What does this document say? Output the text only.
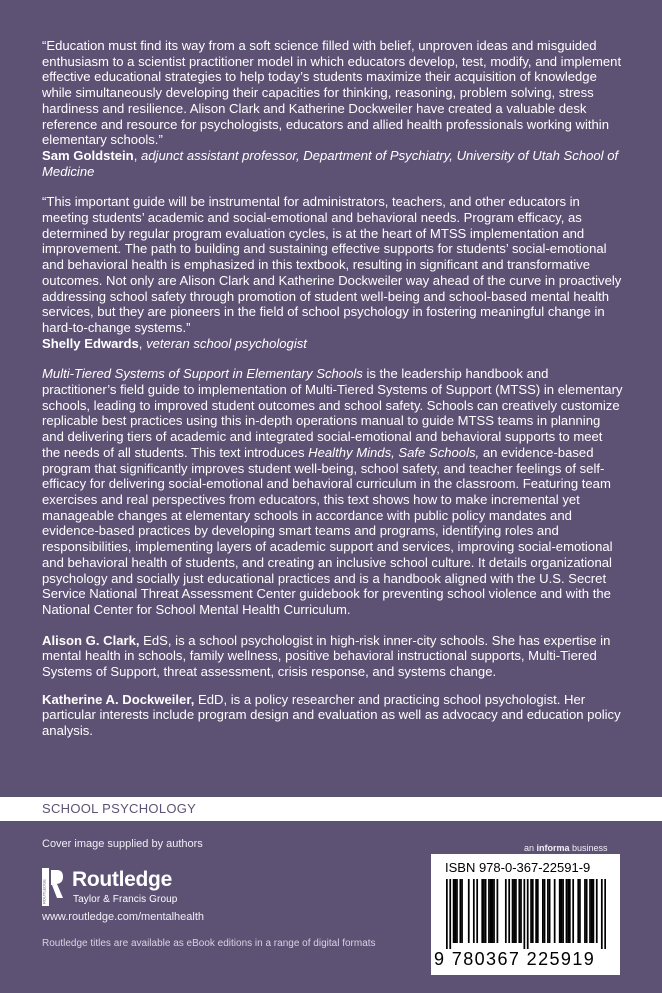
“Education must find its way from a soft science filled with belief, unproven ideas and misguided enthusiasm to a scientist practitioner model in which educators develop, test, modify, and implement effective educational strategies to help today’s students maximize their acquisition of knowledge while simultaneously developing their capacities for thinking, reasoning, problem solving, stress hardiness and resilience. Alison Clark and Katherine Dockweiler have created a valuable desk reference and resource for psychologists, educators and allied health professionals working within elementary schools.”

Sam Goldstein, adjunct assistant professor, Department of Psychiatry, University of Utah School of Medicine

“This important guide will be instrumental for administrators, teachers, and other educators in meeting students’ academic and social-emotional and behavioral needs. Program efficacy, as determined by regular program evaluation cycles, is at the heart of MTSS implementation and improvement. The path to building and sustaining effective supports for students’ social-emotional and behavioral health is emphasized in this textbook, resulting in significant and transformative outcomes. Not only are Alison Clark and Katherine Dockweiler way ahead of the curve in proactively addressing school safety through promotion of student well-being and school-based mental health services, but they are pioneers in the field of school psychology in fostering meaningful change in hard-to-change systems.”

Shelly Edwards, veteran school psychologist

Multi-Tiered Systems of Support in Elementary Schools is the leadership handbook and practitioner’s field guide to implementation of Multi-Tiered Systems of Support (MTSS) in elementary schools, leading to improved student outcomes and school safety. Schools can creatively customize replicable best practices using this in-depth operations manual to guide MTSS teams in planning and delivering tiers of academic and integrated social-emotional and behavioral supports to meet the needs of all students. This text introduces Healthy Minds, Safe Schools, an evidence-based program that significantly improves student well-being, school safety, and teacher feelings of self-efficacy for delivering social-emotional and behavioral curriculum in the classroom. Featuring team exercises and real perspectives from educators, this text shows how to make incremental yet manageable changes at elementary schools in accordance with public policy mandates and evidence-based practices by developing smart teams and programs, identifying roles and responsibilities, implementing layers of academic support and services, improving social-emotional and behavioral health of students, and creating an inclusive school culture. It details organizational psychology and socially just educational practices and is a handbook aligned with the U.S. Secret Service National Threat Assessment Center guidebook for preventing school violence and with the National Center for School Mental Health Curriculum.

Alison G. Clark, EdS, is a school psychologist in high-risk inner-city schools. She has expertise in mental health in schools, family wellness, positive behavioral instructional supports, Multi-Tiered Systems of Support, threat assessment, crisis response, and systems change.

Katherine A. Dockweiler, EdD, is a policy researcher and practicing school psychologist. Her particular interests include program design and evaluation as well as advocacy and education policy analysis.

SCHOOL PSYCHOLOGY
Cover image supplied by authors	an informa business
ROUTLEDGE Routledge
Taylor & Francis Group
www.routledge.com/mentalhealth
Routledge titles are available as eBook editions in a range of digital formats
ISBN 978-0-367-22591-9
9 780367 225919
